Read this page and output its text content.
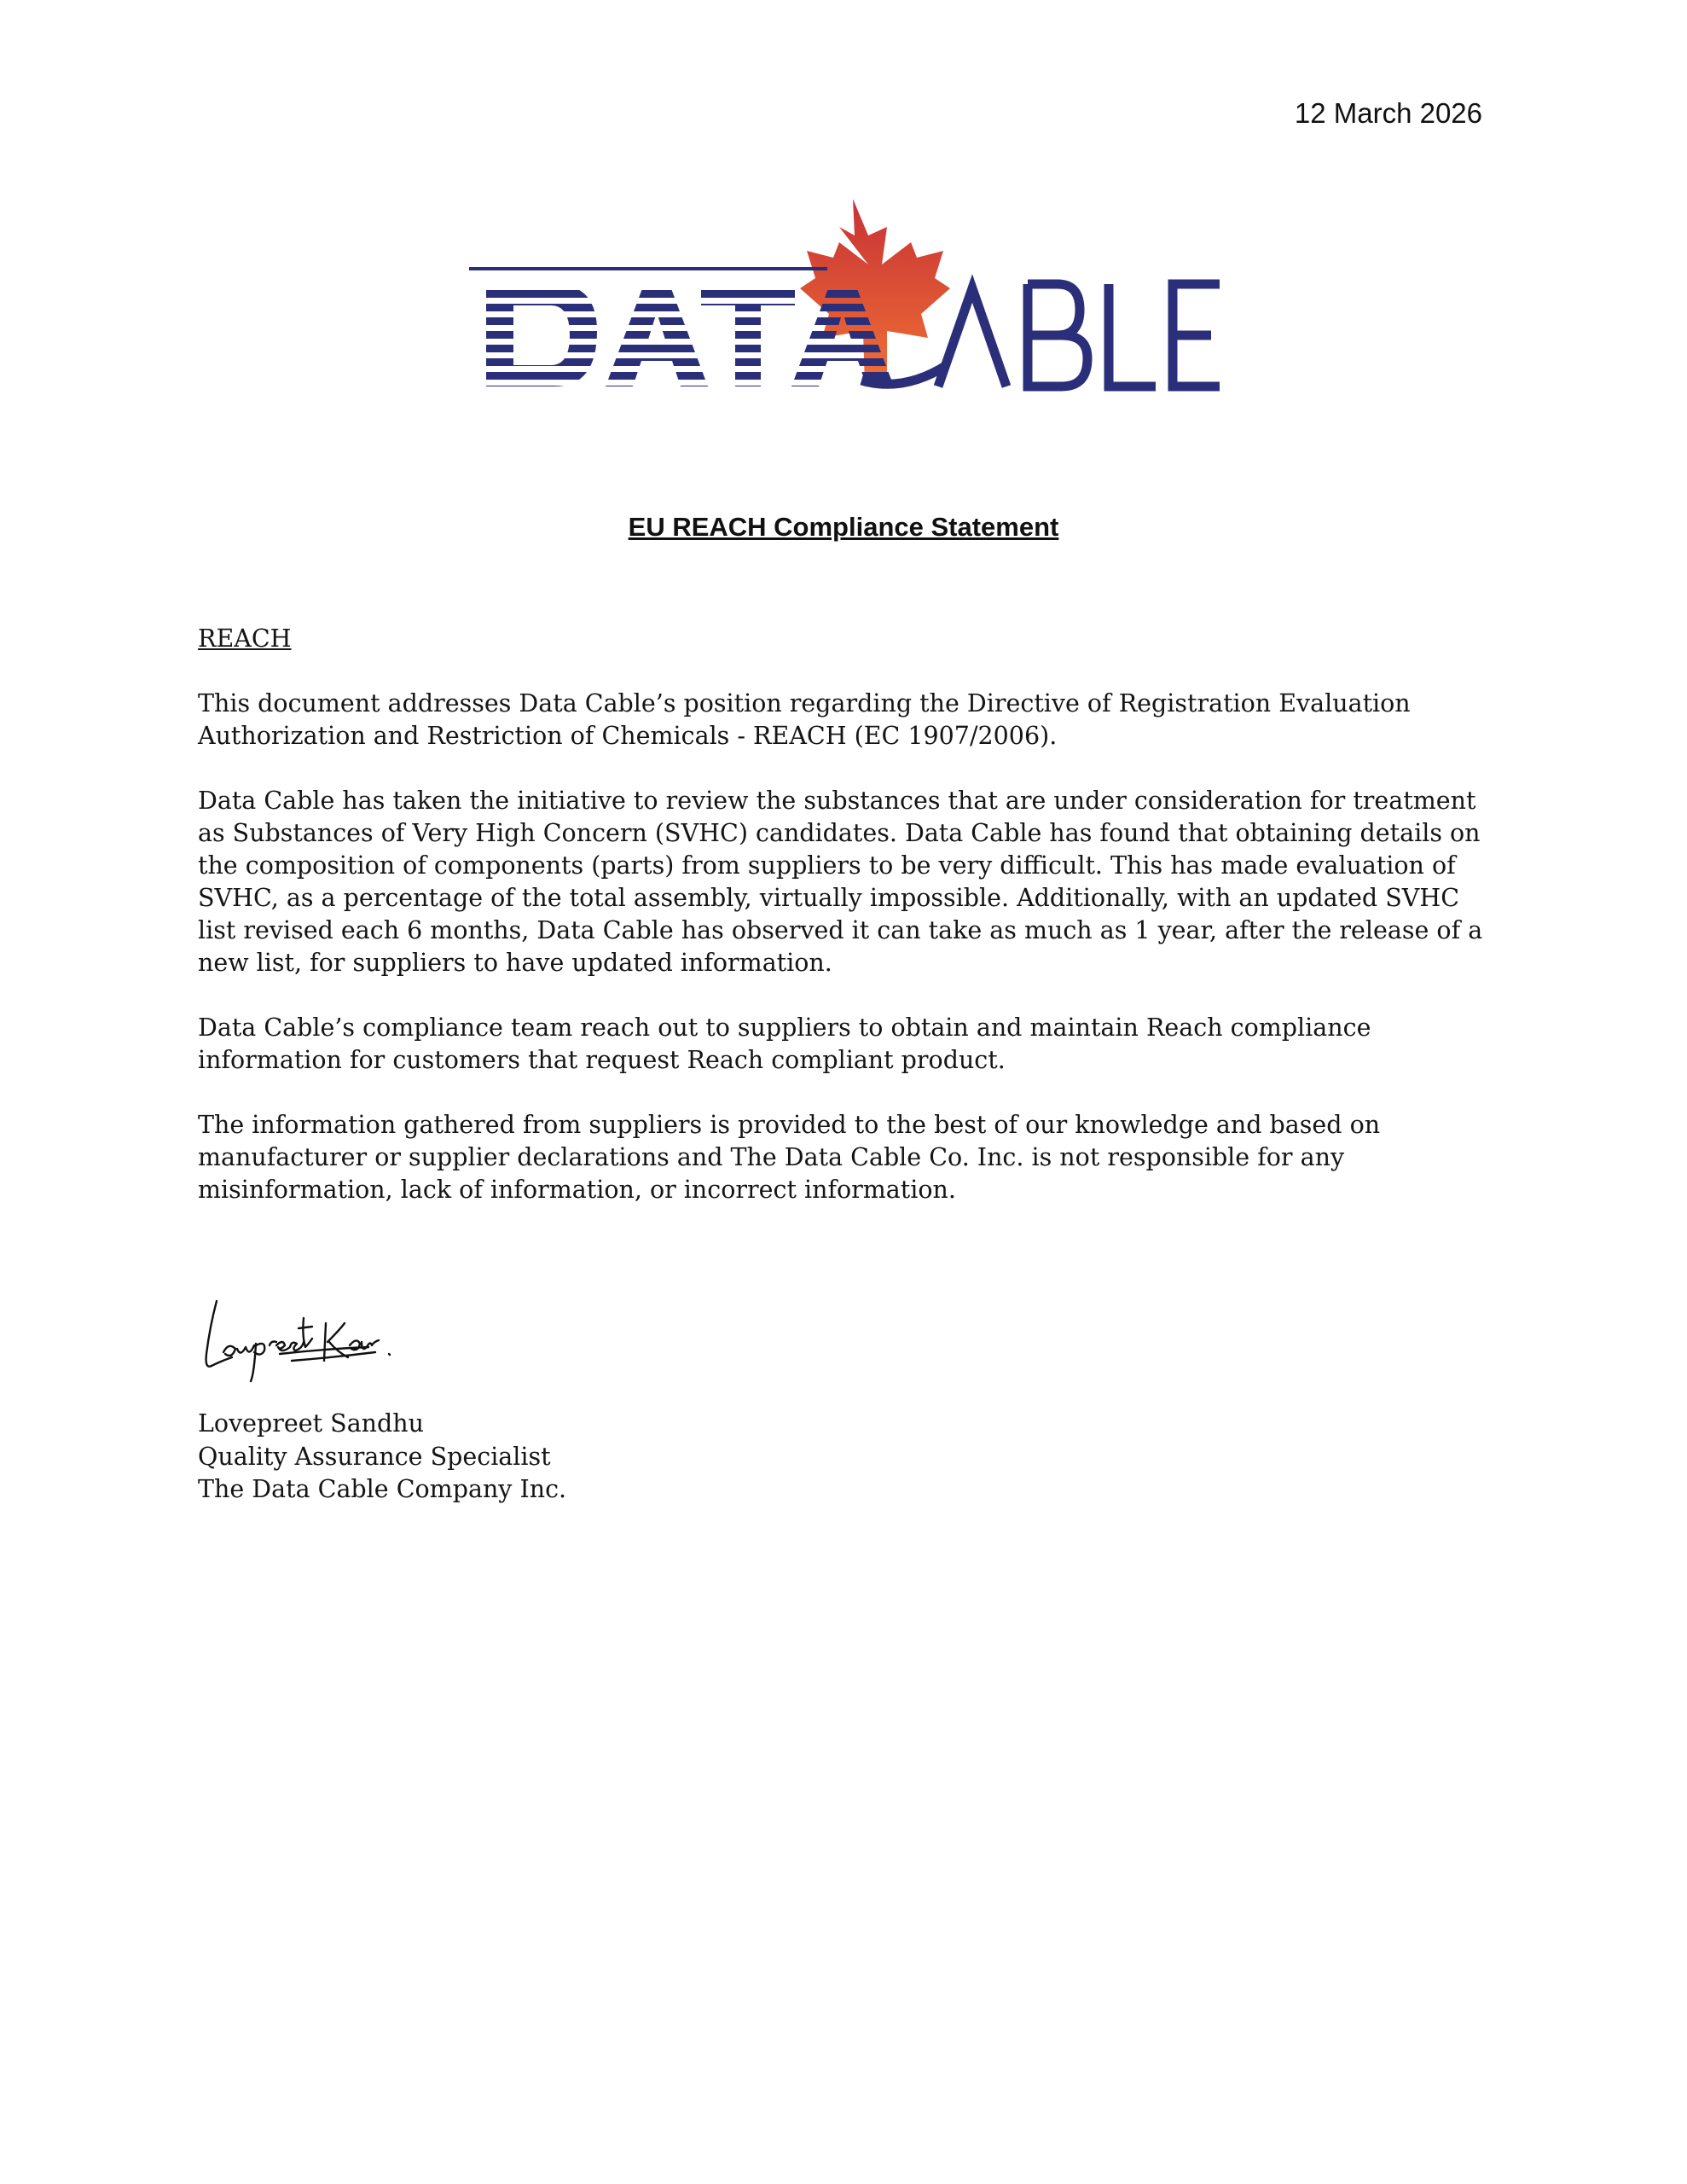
12 March 2026
EU REACH Compliance Statement
REACH

This document addresses Data Cable’s position regarding the Directive of Registration Evaluation Authorization and Restriction of Chemicals - REACH (EC 1907/2006).

Data Cable has taken the initiative to review the substances that are under consideration for treatment as Substances of Very High Concern (SVHC) candidates. Data Cable has found that obtaining details on the composition of components (parts) from suppliers to be very difficult. This has made evaluation of SVHC, as a percentage of the total assembly, virtually impossible. Additionally, with an updated SVHC list revised each 6 months, Data Cable has observed it can take as much as 1 year, after the release of a new list, for suppliers to have updated information.

Data Cable’s compliance team reach out to suppliers to obtain and maintain Reach compliance information for customers that request Reach compliant product.

The information gathered from suppliers is provided to the best of our knowledge and based on manufacturer or supplier declarations and The Data Cable Co. Inc. is not responsible for any misinformation, lack of information, or incorrect information.

Lovepreet Sandhu
Quality Assurance Specialist
The Data Cable Company Inc.
